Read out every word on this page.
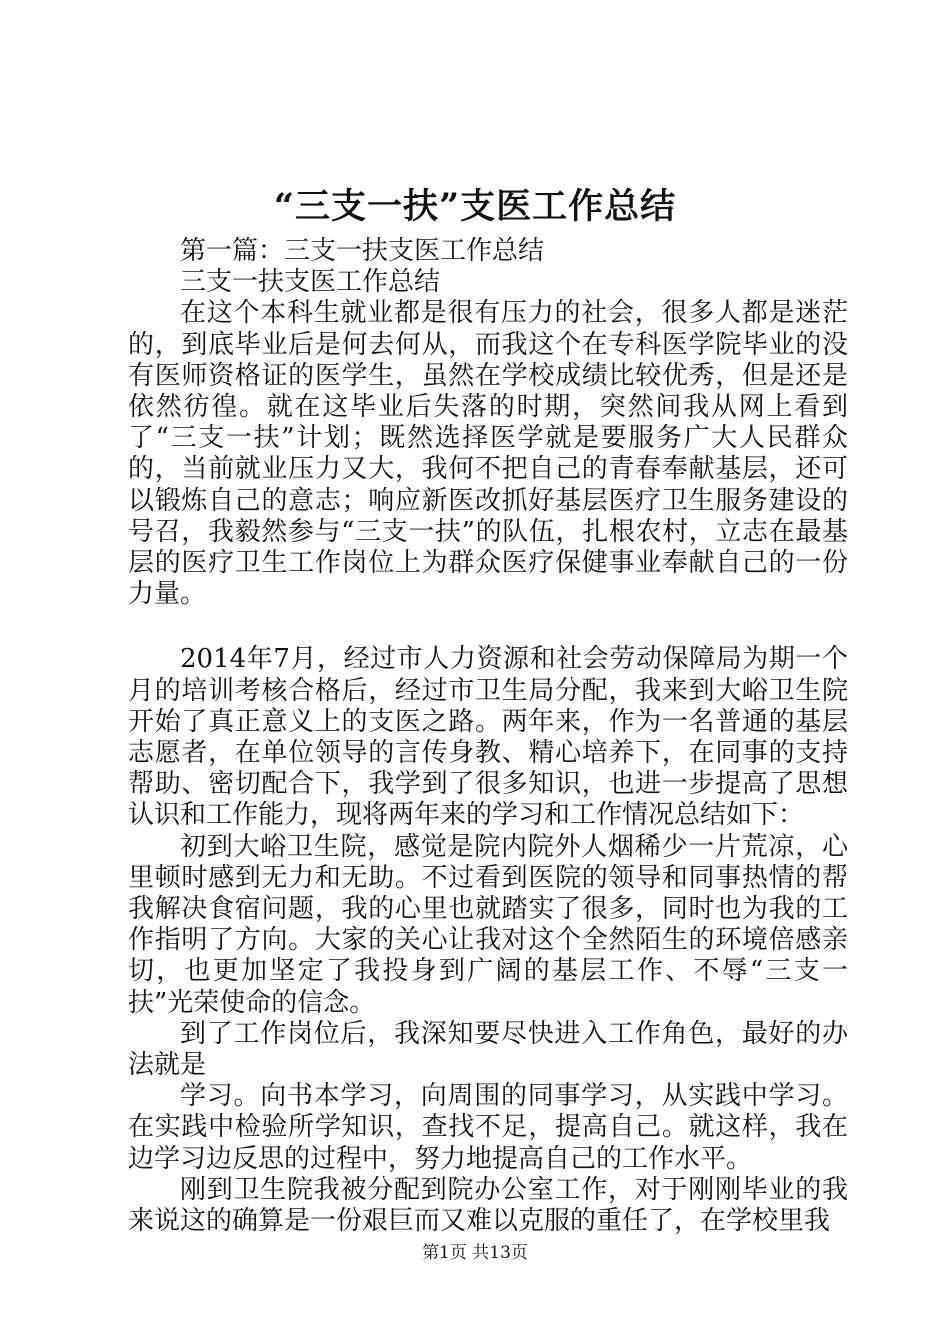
“三支一扶”支医工作总结

第一篇：三支一扶支医工作总结

三支一扶支医工作总结

在这个本科生就业都是很有压力的社会，很多人都是迷茫的，到底毕业后是何去何从，而我这个在专科医学院毕业的没有医师资格证的医学生，虽然在学校成绩比较优秀，但是还是依然彷徨。就在这毕业后失落的时期，突然间我从网上看到了“三支一扶”计划；既然选择医学就是要服务广大人民群众的，当前就业压力又大，我何不把自己的青春奉献基层，还可以锻炼自己的意志；响应新医改抓好基层医疗卫生服务建设的号召，我毅然参与“三支一扶”的队伍，扎根农村，立志在最基层的医疗卫生工作岗位上为群众医疗保健事业奉献自己的一份力量。

2014年7月，经过市人力资源和社会劳动保障局为期一个月的培训考核合格后，经过市卫生局分配，我来到大峪卫生院开始了真正意义上的支医之路。两年来，作为一名普通的基层志愿者，在单位领导的言传身教、精心培养下，在同事的支持帮助、密切配合下，我学到了很多知识，也进一步提高了思想认识和工作能力，现将两年来的学习和工作情况总结如下：

初到大峪卫生院，感觉是院内院外人烟稀少一片荒凉，心里顿时感到无力和无助。不过看到医院的领导和同事热情的帮我解决食宿问题，我的心里也就踏实了很多，同时也为我的工作指明了方向。大家的关心让我对这个全然陌生的环境倍感亲切，也更加坚定了我投身到广阔的基层工作、不辱“三支一扶”光荣使命的信念。

到了工作岗位后，我深知要尽快进入工作角色，最好的办法就是

学习。向书本学习，向周围的同事学习，从实践中学习。在实践中检验所学知识，查找不足，提高自己。就这样，我在边学习边反思的过程中，努力地提高自己的工作水平。

刚到卫生院我被分配到院办公室工作，对于刚刚毕业的我来说这的确算是一份艰巨而又难以克服的重任了，在学校里我

第1页 共13页
